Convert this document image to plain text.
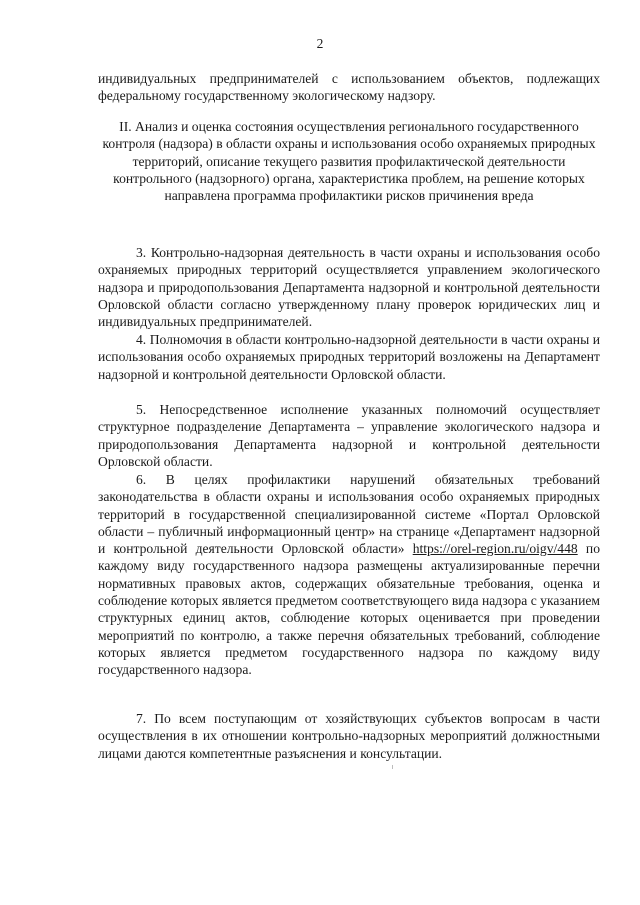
2
индивидуальных предпринимателей с использованием объектов, подлежащих федеральному государственному экологическому надзору.
II. Анализ и оценка состояния осуществления регионального государственного контроля (надзора) в области охраны и использования особо охраняемых природных территорий, описание текущего развития профилактической деятельности контрольного (надзорного) органа, характеристика проблем, на решение которых направлена программа профилактики рисков причинения вреда
3. Контрольно-надзорная деятельность в части охраны и использования особо охраняемых природных территорий осуществляется управлением экологического надзора и природопользования Департамента надзорной и контрольной деятельности Орловской области согласно утвержденному плану проверок юридических лиц и индивидуальных предпринимателей.
4. Полномочия в области контрольно-надзорной деятельности в части охраны и использования особо охраняемых природных территорий возложены на Департамент надзорной и контрольной деятельности Орловской области.
5. Непосредственное исполнение указанных полномочий осуществляет структурное подразделение Департамента – управление экологического надзора и природопользования Департамента надзорной и контрольной деятельности Орловской области.
6. В целях профилактики нарушений обязательных требований законодательства в области охраны и использования особо охраняемых природных территорий в государственной специализированной системе «Портал Орловской области – публичный информационный центр» на странице «Департамент надзорной и контрольной деятельности Орловской области» https://orel-region.ru/oigv/448 по каждому виду государственного надзора размещены актуализированные перечни нормативных правовых актов, содержащих обязательные требования, оценка и соблюдение которых является предметом соответствующего вида надзора с указанием структурных единиц актов, соблюдение которых оценивается при проведении мероприятий по контролю, а также перечня обязательных требований, соблюдение которых является предметом государственного надзора по каждому виду государственного надзора.
7. По всем поступающим от хозяйствующих субъектов вопросам в части осуществления в их отношении контрольно-надзорных мероприятий должностными лицами даются компетентные разъяснения и консультации.
